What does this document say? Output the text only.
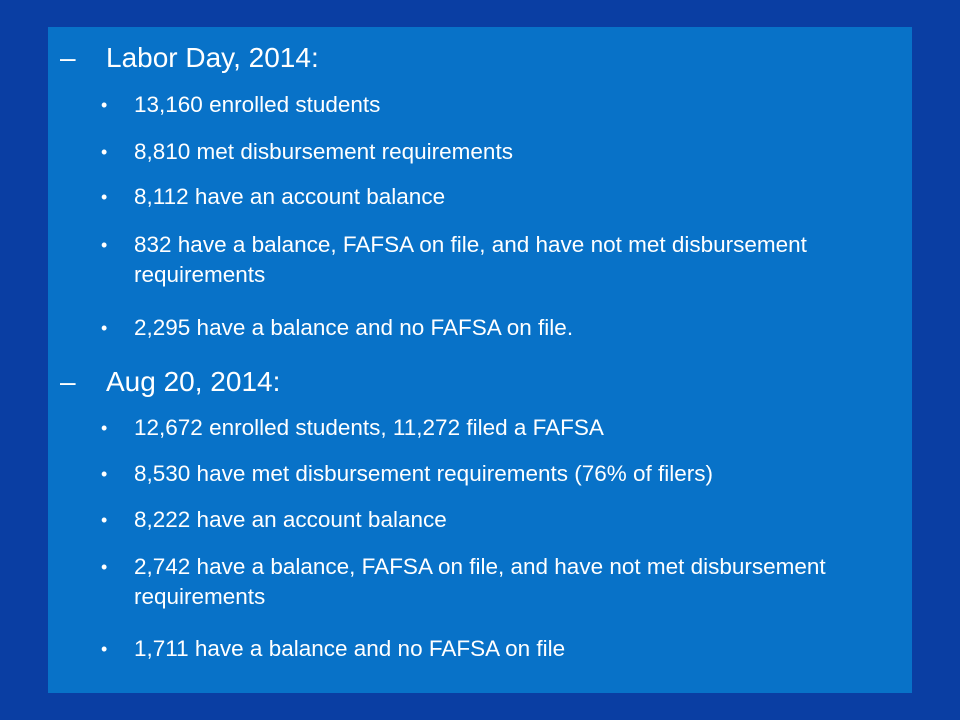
– Labor Day, 2014:
• 13,160 enrolled students
• 8,810 met disbursement requirements
• 8,112 have an account balance
• 832 have a balance, FAFSA on file, and have not met disbursement requirements
• 2,295 have a balance and no FAFSA on file.
– Aug 20, 2014:
• 12,672 enrolled students, 11,272 filed a FAFSA
• 8,530 have met disbursement requirements (76% of filers)
• 8,222 have an account balance
• 2,742 have a balance, FAFSA on file, and have not met disbursement requirements
• 1,711 have a balance and no FAFSA on file
